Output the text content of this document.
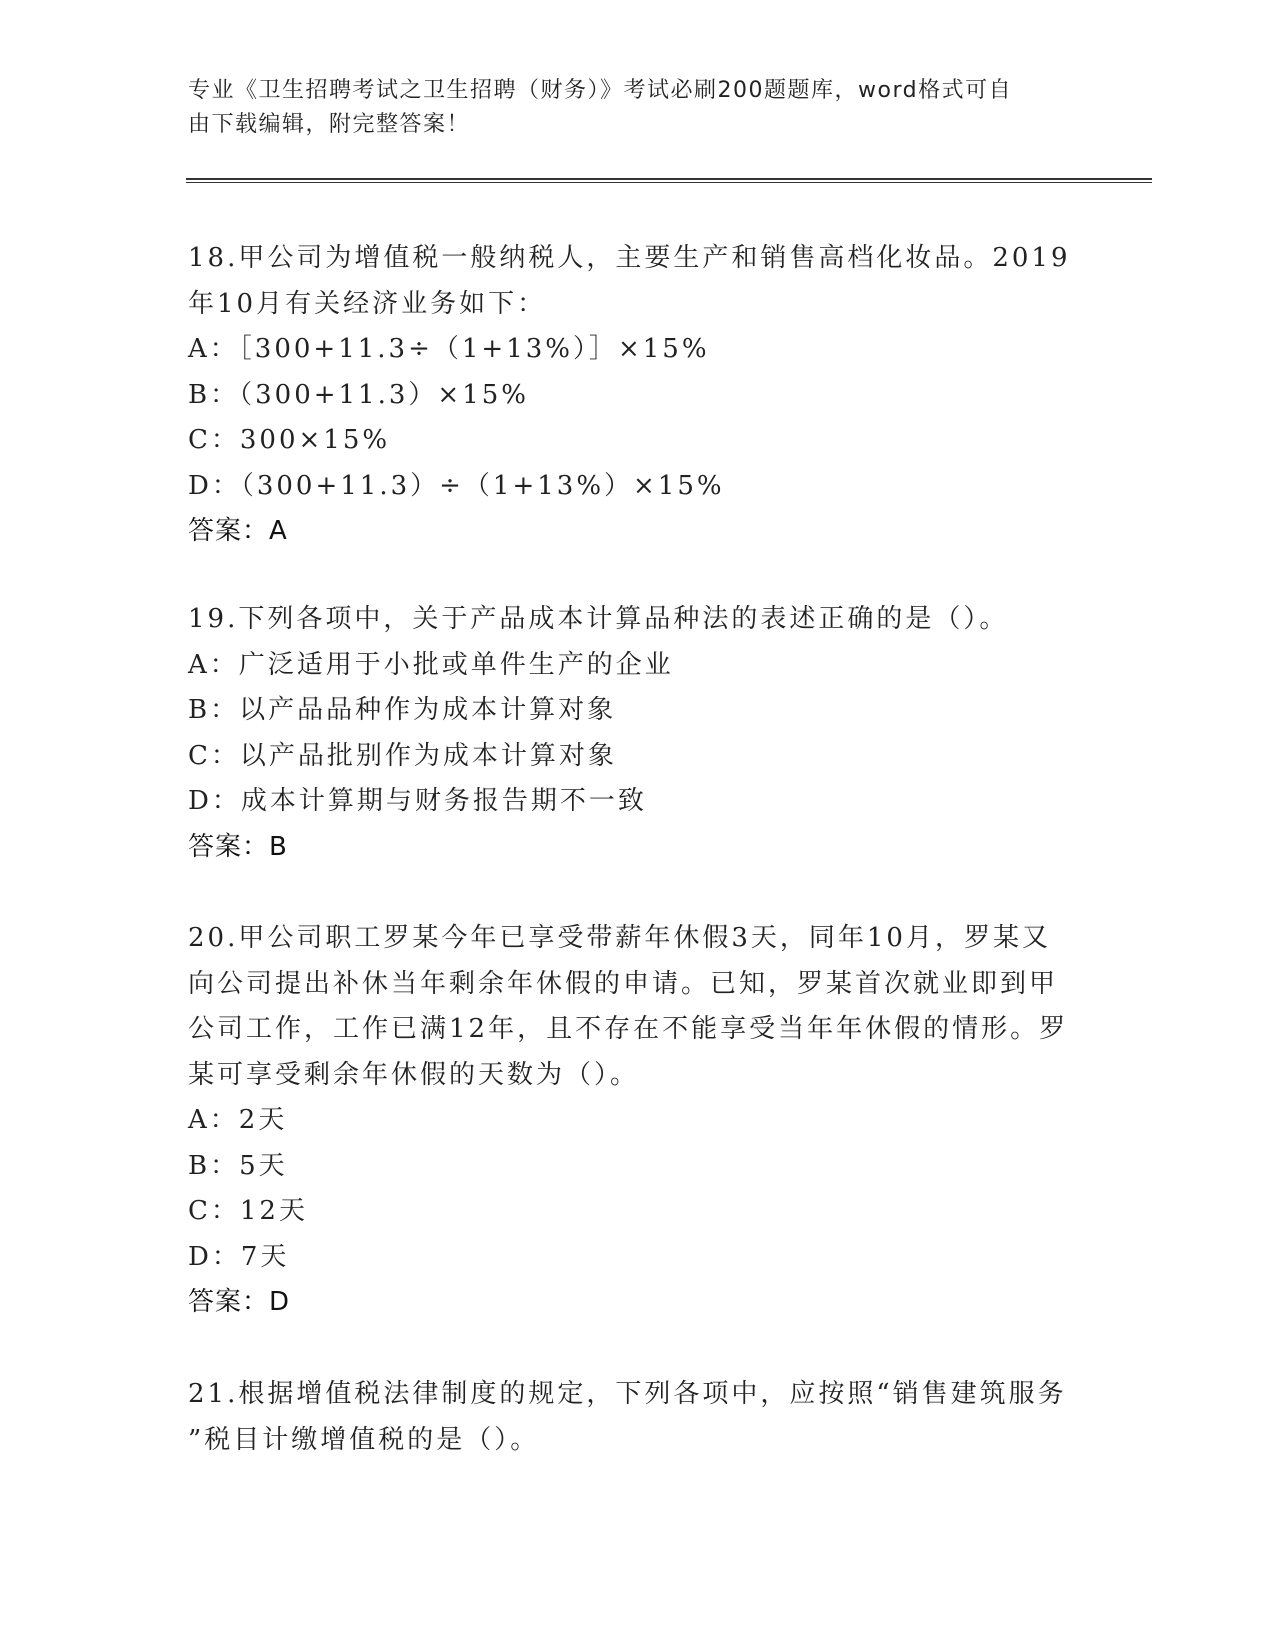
专业《卫生招聘考试之卫生招聘（财务）》考试必刷200题题库，word格式可自
由下载编辑，附完整答案！
18.甲公司为增值税一般纳税人，主要生产和销售高档化妆品。2019
年10月有关经济业务如下：
A：［300+11.3÷（1+13%）］×15%
B：（300+11.3）×15%
C：300×15%
D：（300+11.3）÷（1+13%）×15%
答案：A
19.下列各项中，关于产品成本计算品种法的表述正确的是（）。
A：广泛适用于小批或单件生产的企业
B：以产品品种作为成本计算对象
C：以产品批别作为成本计算对象
D：成本计算期与财务报告期不一致
答案：B
20.甲公司职工罗某今年已享受带薪年休假3天，同年10月，罗某又
向公司提出补休当年剩余年休假的申请。已知，罗某首次就业即到甲
公司工作，工作已满12年，且不存在不能享受当年年休假的情形。罗
某可享受剩余年休假的天数为（）。
A：2天
B：5天
C：12天
D：7天
答案：D
21.根据增值税法律制度的规定，下列各项中，应按照“销售建筑服务
”税目计缴增值税的是（）。
